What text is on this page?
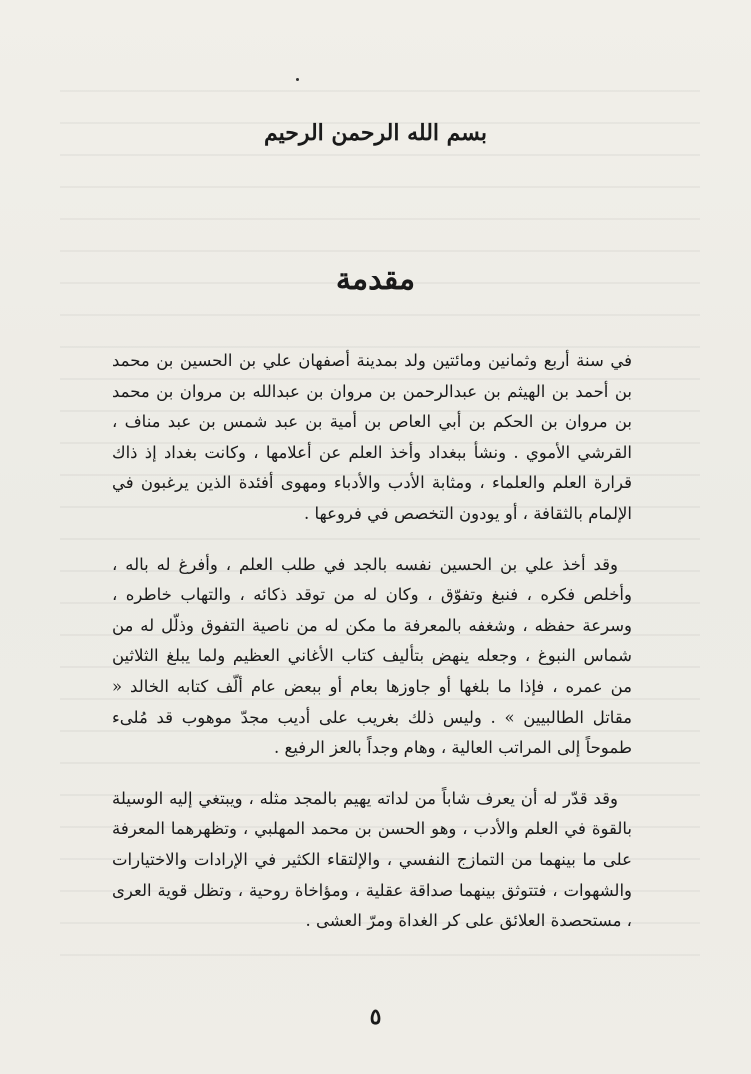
بسم الله الرحمن الرحيم
مقدمة

في سنة أربع وثمانين ومائتين ولد بمدينة أصفهان علي بن الحسين بن محمد بن أحمد بن الهيثم بن عبدالرحمن بن مروان بن عبدالله بن مروان بن محمد بن مروان بن الحكم بن أبي العاص بن أمية بن عبد شمس بن عبد مناف ، القرشي الأموي . ونشأ ببغداد وأخذ العلم عن أعلامها ، وكانت بغداد إذ ذاك قرارة العلم والعلماء ، ومثابة الأدب والأدباء ومهوى أفئدة الذين يرغبون في الإلمام بالثقافة ، أو يودون التخصص في فروعها .

وقد أخذ علي بن الحسين نفسه بالجد في طلب العلم ، وأفرغ له باله ، وأخلص فكره ، فنبغ وتفوّق ، وكان له من توقد ذكائه ، والتهاب خاطره ، وسرعة حفظه ، وشغفه بالمعرفة ما مكن له من ناصية التفوق وذلّل له من شماس النبوغ ، وجعله ينهض بتأليف كتاب الأغاني العظيم ولما يبلغ الثلاثين من عمره ، فإذا ما بلغها أو جاوزها بعام أو ببعض عام ألّف كتابه الخالد « مقاتل الطالبيين » . وليس ذلك بغريب على أديب مجدّ موهوب قد مُلىء طموحاً إلى المراتب العالية ، وهام وجداً بالعز الرفيع .

وقد قدّر له أن يعرف شاباً من لداته يهيم بالمجد مثله ، ويبتغي إليه الوسيلة بالقوة في العلم والأدب ، وهو الحسن بن محمد المهلبي ، وتظهرهما المعرفة على ما بينهما من التمازج النفسي ، والإلتقاء الكثير في الإرادات والاختيارات والشهوات ، فتتوثق بينهما صداقة عقلية ، ومؤاخاة روحية ، وتظل قوية العرى ، مستحصدة العلائق على كر الغداة ومرّ العشى .

٥
